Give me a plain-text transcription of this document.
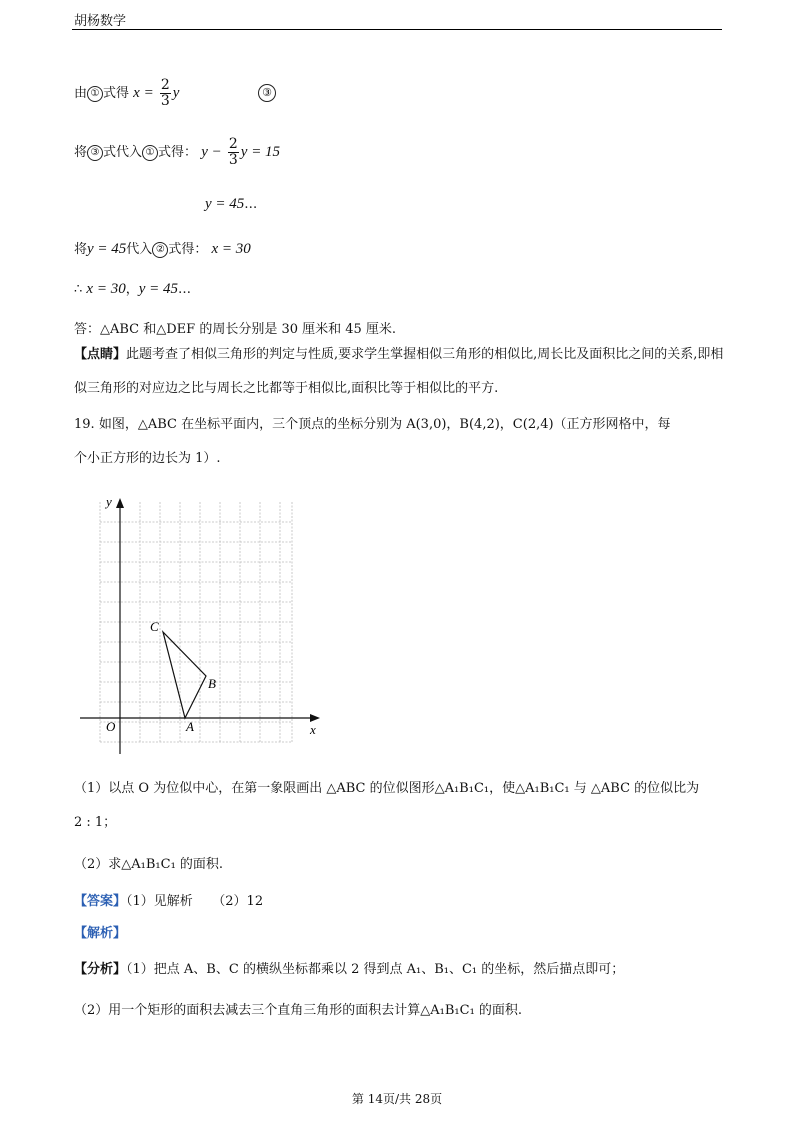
胡杨数学
由 ① 式得 $x = \frac{2}{3}$ y	③
将 ③ 式代入 ① 式得： $y - \frac{2}{3}$ y = 15
y = 45…
将y = 45代入 ② 式得： x = 30
∴ x = 30，y = 45…
答：△ABC 和△DEF 的周长分别是 30 厘米和 45 厘米.
【点睛】此题考查了相似三角形的判定与性质,要求学生掌握相似三角形的相似比,周长比及面积比之间的关系,即相似三角形的对应边之比与周长之比都等于相似比,面积比等于相似比的平方.
19. 如图，△ABC 在坐标平面内，三个顶点的坐标分别为 A(3,0)，B(4,2)，C(2,4)（正方形网格中，每
个小正方形的边长为 1）.
y
x
O	A
B
C
（1）以点 O 为位似中心，在第一象限画出 △ABC 的位似图形△A₁B₁C₁，使△A₁B₁C₁ 与 △ABC 的位似比为
2 : 1；
（2）求△A₁B₁C₁ 的面积.
【答案】（1）见解析　　（2）12
【解析】
【分析】（1）把点 A、B、C 的横纵坐标都乘以 2 得到点 A₁、B₁、C₁ 的坐标，然后描点即可；
（2）用一个矩形的面积去减去三个直角三角形的面积去计算△A₁B₁C₁ 的面积.
第 14页/共 28页
